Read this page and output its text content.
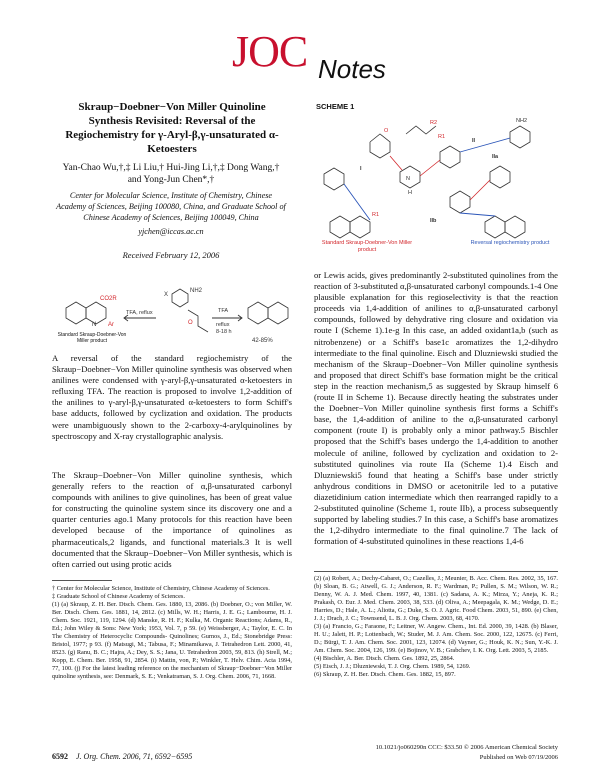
JOC Notes
Skraup−Doebner−Von Miller Quinoline Synthesis Revisited: Reversal of the Regiochemistry for γ-Aryl-β,γ-unsaturated α-Ketoesters
Yan-Chao Wu,†,‡ Li Liu,† Hui-Jing Li,†,‡ Dong Wang,† and Yong-Jun Chen*,†
Center for Molecular Science, Institute of Chemistry, Chinese Academy of Sciences, Beijing 100080, China, and Graduate School of Chinese Academy of Sciences, Beijing 100049, China
yjchen@iccas.ac.cn
Received February 12, 2006
SCHEME 1
R2
R1
N
H
O
II
I
IIa
IIb
R1
NH2
Standard Skraup-Doebner-Von Miller product
Reversal regiochemistry product
CO2R
N Ar
TFA, reflux
X
NH2
O
TFA
reflux
8-18 h
42-85%
Standard Skraup-Doebner-Von Miller product
A reversal of the standard regiochemistry of the Skraup−Doebner−Von Miller quinoline synthesis was observed when anilines were condensed with γ-aryl-β,γ-unsaturated α-ketoesters in refluxing TFA. The reaction is proposed to involve 1,2-addition of the anilines to γ-aryl-β,γ-unsaturated α-ketoesters to form Schiff's base adducts, followed by cyclization and oxidation. The products were unambiguously shown to the 2-carboxy-4-arylquinolines by spectroscopy and X-ray crystallographic analysis.
The Skraup−Doebner−Von Miller quinoline synthesis, which generally refers to the reaction of α,β-unsaturated carbonyl compounds with anilines to give quinolines, has been of great value for constructing the quinoline system since its discovery one and a quarter centuries ago.1 Many protocols for this reaction have been developed because of the importance of quinolines as pharmaceuticals,2 ligands, and functional materials.3 It is well documented that the Skraup−Doebner−Von Miller synthesis, which is often carried out using protic acids
or Lewis acids, gives predominantly 2-substituted quinolines from the reaction of 3-substituted α,β-unsaturated carbonyl compounds.1-4 One plausible explanation for this regioselectivity is that the reaction proceeds via 1,4-addition of anilines to α,β-unsaturated carbonyl compounds, followed by dehydrative ring closure and oxidation via route I (Scheme 1).1e-g In this case, an added oxidant1a,b (such as nitrobenzene) or a Schiff's base1c aromatizes the 1,2-dihydro intermediate to the final quinoline. Eisch and Dluzniewski studied the mechanism of the Skraup−Doebner−Von Miller quinoline synthesis and proposed that direct Schiff's base formation might be the critical step in the reaction mechanism,5 as suggested by Skraup himself 6 (route II in Scheme 1). Because directly heating the substrates under the Doebner−Von Miller quinoline synthesis first forms a Schiff's base, the 1,4-addition of aniline to the α,β-unsaturated carbonyl component (route I) is probably only a minor pathway.5 Bischler proposed that the Schiff's bases undergo the 1,4-addition to another molecule of aniline, followed by cyclization and oxidation to 2-substituted quinolines via route IIa (Scheme 1).4 Eisch and Dluzniewski5 found that heating a Schiff's base under strictly anhydrous conditions in DMSO or acetonitrile led to a putative diazetidinium cation intermediate which then rearranged rapidly to a 2-substituted quinoline (Scheme 1, route IIb), a process subsequently supported by labeling studies.7 In this case, a Schiff's base aromatizes the 1,2-dihydro intermediate to the final quinoline.7 The lack of formation of 4-substituted quinolines in these reactions 1,4-6
† Center for Molecular Science, Institute of Chemistry, Chinese Academy of Sciences.
‡ Graduate School of Chinese Academy of Sciences.
(1) (a) Skraup, Z. H. Ber. Dtsch. Chem. Ges. 1880, 13, 2086. (b) Doebner, O.; von Miller, W. Ber. Dtsch. Chem. Ges. 1881, 14, 2812. (c) Mills, W. H.; Harris, J. E. G.; Lambourne, H. J. Chem. Soc. 1921, 119, 1294. (d) Manske, R. H. F.; Kulka, M. Organic Reactions; Adams, R., Ed.; John Wiley & Sons: New York; 1953, Vol. 7, p 59. (e) Weissberger, A.; Taylor, E. C. In The Chemistry of Heterocyclic Compounds- Quinolines; Gurnos, J., Ed.; Stonebridge Press: Bristol, 1977; p 93. (f) Matsugi, M.; Tabusa, F.; Minamikawa, J. Tetrahedron Lett. 2000, 41, 8523. (g) Ranu, B. C.; Hajra, A.; Dey, S. S.; Jana, U. Tetrahedron 2003, 59, 813. (h) Strell, M.; Kopp, E. Chem. Ber. 1958, 91, 2854. (i) Mattin, von, P.; Winkler, T. Helv. Chim. Acta 1994, 77, 100. (j) For the latest leading reference on the mechanism of Skraup−Doebner−Von Miller quinoline synthesis, see: Denmark, S. E.; Venkatraman, S. J. Org. Chem. 2006, 71, 1668.
(2) (a) Robert, A.; Dechy-Cabaret, O.; Cazelles, J.; Meunier, B. Acc. Chem. Res. 2002, 35, 167. (b) Sloan, B. G.; Atwell, G. J.; Anderson, R. F.; Wardman, P.; Pullen, S. M.; Wilson, W. R.; Denny, W. A. J. Med. Chem. 1997, 40, 1381. (c) Sadana, A. K.; Mirza, Y.; Aneja, K. R.; Prakash, O. Eur. J. Med. Chem. 2003, 38, 533. (d) Oliva, A.; Meepagala, K. M.; Wedge, D. E.; Harries, D.; Hale, A. L.; Aliotta, G.; Duke, S. O. J. Agric. Food Chem. 2003, 51, 890. (e) Chen, J. J.; Drach, J. C.; Townsend, L. B. J. Org. Chem. 2003, 68, 4170.
(3) (a) Francio, G.; Faraone, F.; Leitner, W. Angew. Chem., Int. Ed. 2000, 39, 1428. (b) Blaser, H. U.; Jalett, H. P.; Lottenbach, W.; Studer, M. J. Am. Chem. Soc. 2000, 122, 12675. (c) Ferri, D.; Bürgi, T. J. Am. Chem. Soc. 2001, 123, 12074. (d) Vayner, G.; Houk, K. N.; Sun, Y.-K. J. Am. Chem. Soc. 2004, 126, 199. (e) Bojinov, V. B.; Grabchev, I. K. Org. Lett. 2003, 5, 2185.
(4) Bischler, A. Ber. Dtsch. Chem. Ges. 1892, 25, 2864.
(5) Eisch, J. J.; Dluzniewski, T. J. Org. Chem. 1989, 54, 1269.
(6) Skraup, Z. H. Ber. Dtsch. Chem. Ges. 1882, 15, 897.
6592 J. Org. Chem. 2006, 71, 6592−6595
10.1021/jo060290n CCC: $33.50 © 2006 American Chemical Society
Published on Web 07/19/2006
